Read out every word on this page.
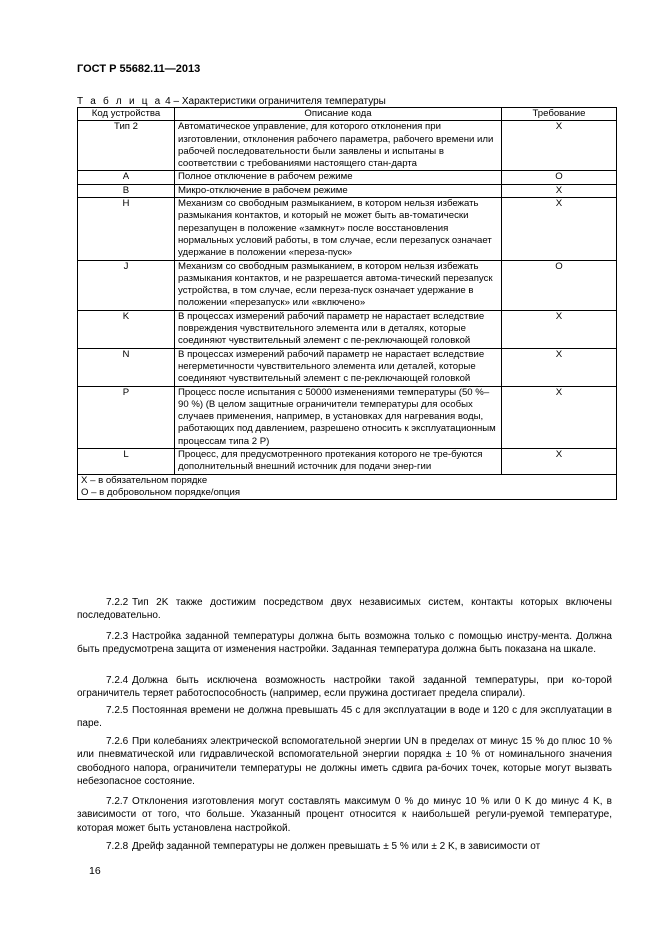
ГОСТ Р 55682.11—2013
Т а б л и ц а 4 – Характеристики ограничителя температуры
Код устройства	Описание кода	Требование
Тип 2	Автоматическое управление, для которого отклонения при изготовлении, отклонения рабочего параметра, рабочего времени или рабочей последовательности были заявлены и испытаны в соответствии с требованиями настоящего стан-дарта	X
А	Полное отключение в рабочем режиме	O
В	Микро-отключение в рабочем режиме	X
H	Механизм со свободным размыканием, в котором нельзя избежать размыкания контактов, и который не может быть ав-томатически перезапущен в положение «замкнут» после восстановления нормальных условий работы, в том случае, если перезапуск означает удержание в положении «переза-пуск»	X
J	Механизм со свободным размыканием, в котором нельзя избежать размыкания контактов, и не разрешается автома-тический перезапуск устройства, в том случае, если переза-пуск означает удержание в положении «перезапуск» или «включено»	O
K	В процессах измерений рабочий параметр не нарастает вследствие повреждения чувствительного элемента или в деталях, которые соединяют чувствительный элемент с пе-реключающей головкой	X
N	В процессах измерений рабочий параметр не нарастает вследствие негерметичности чувствительного элемента или деталей, которые соединяют чувствительный элемент с пе-реключающей головкой	X
P	Процесс после испытания с 50000 изменениями температуры (50 %–90 %) (В целом защитные ограничители температуры для особых случаев применения, например, в установках для нагревания воды, работающих под давлением, разрешено относить к эксплуатационным процессам типа 2 Р)	X
L	Процесс, для предусмотренного протекания которого не тре-буются дополнительный внешний источник для подачи энер-гии	X

X – в обязательном порядке
O – в добровольном порядке/опция		

7.2.2 Тип 2K также достижим посредством двух независимых систем, контакты которых включены последовательно.

7.2.3 Настройка заданной температуры должна быть возможна только с помощью инстру-мента. Должна быть предусмотрена защита от изменения настройки. Заданная температура должна быть показана на шкале.

7.2.4 Должна быть исключена возможность настройки такой заданной температуры, при ко-торой ограничитель теряет работоспособность (например, если пружина достигает предела спирали).

7.2.5 Постоянная времени не должна превышать 45 с для эксплуатации в воде и 120 с для эксплуатации в паре.

7.2.6 При колебаниях электрической вспомогательной энергии UN в пределах от минус 15 % до плюс 10 % или пневматической или гидравлической вспомогательной энергии порядка ± 10 % от номинального значения свободного напора, ограничители температуры не должны иметь сдвига ра-бочих точек, которые могут вызвать небезопасное состояние.

7.2.7 Отклонения изготовления могут составлять максимум 0 % до минус 10 % или 0 K до минус 4 K, в зависимости от того, что больше. Указанный процент относится к наибольшей регули-руемой температуре, которая может быть установлена настройкой.

7.2.8 Дрейф заданной температуры не должен превышать ± 5 % или ± 2 K, в зависимости от

16
